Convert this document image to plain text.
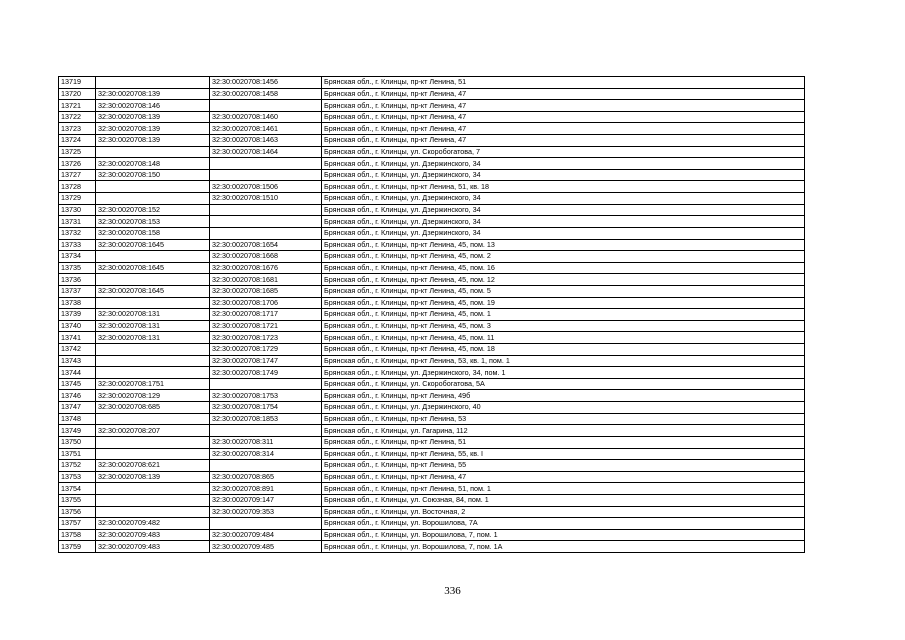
13719		32:30:0020708:1456	Брянская обл., г. Клинцы, пр-кт Ленина, 51
13720	32:30:0020708:139	32:30:0020708:1458	Брянская обл., г. Клинцы, пр-кт Ленина, 47
13721	32:30:0020708:146		Брянская обл., г. Клинцы, пр-кт Ленина, 47
13722	32:30:0020708:139	32:30:0020708:1460	Брянская обл., г. Клинцы, пр-кт Ленина, 47
13723	32:30:0020708:139	32:30:0020708:1461	Брянская обл., г. Клинцы, пр-кт Ленина, 47
13724	32:30:0020708:139	32:30:0020708:1463	Брянская обл., г. Клинцы, пр-кт Ленина, 47
13725		32:30:0020708:1464	Брянская обл., г. Клинцы, ул. Скоробогатова, 7
13726	32:30:0020708:148		Брянская обл., г. Клинцы, ул. Дзержинского, 34
13727	32:30:0020708:150		Брянская обл., г. Клинцы, ул. Дзержинского, 34
13728		32:30:0020708:1506	Брянская обл., г. Клинцы, пр-кт Ленина, 51, кв. 18
13729		32:30:0020708:1510	Брянская обл., г. Клинцы, ул. Дзержинского, 34
13730	32:30:0020708:152		Брянская обл., г. Клинцы, ул. Дзержинского, 34
13731	32:30:0020708:153		Брянская обл., г. Клинцы, ул. Дзержинского, 34
13732	32:30:0020708:158		Брянская обл., г. Клинцы, ул. Дзержинского, 34
13733	32:30:0020708:1645	32:30:0020708:1654	Брянская обл., г. Клинцы, пр-кт Ленина, 45, пом. 13
13734		32:30:0020708:1668	Брянская обл., г. Клинцы, пр-кт Ленина, 45, пом. 2
13735	32:30:0020708:1645	32:30:0020708:1676	Брянская обл., г. Клинцы, пр-кт Ленина, 45, пом. 16
13736		32:30:0020708:1681	Брянская обл., г. Клинцы, пр-кт Ленина, 45, пом. 12
13737	32:30:0020708:1645	32:30:0020708:1685	Брянская обл., г. Клинцы, пр-кт Ленина, 45, пом. 5
13738		32:30:0020708:1706	Брянская обл., г. Клинцы, пр-кт Ленина, 45, пом. 19
13739	32:30:0020708:131	32:30:0020708:1717	Брянская обл., г. Клинцы, пр-кт Ленина, 45, пом. 1
13740	32:30:0020708:131	32:30:0020708:1721	Брянская обл., г. Клинцы, пр-кт Ленина, 45, пом. 3
13741	32:30:0020708:131	32:30:0020708:1723	Брянская обл., г. Клинцы, пр-кт Ленина, 45, пом. 11
13742		32:30:0020708:1729	Брянская обл., г. Клинцы, пр-кт Ленина, 45, пом. 18
13743		32:30:0020708:1747	Брянская обл., г. Клинцы, пр-кт Ленина, 53, кв. 1, пом. 1
13744		32:30:0020708:1749	Брянская обл., г. Клинцы, ул. Дзержинского, 34, пом. 1
13745	32:30:0020708:1751		Брянская обл., г. Клинцы, ул. Скоробогатова, 5А
13746	32:30:0020708:129	32:30:0020708:1753	Брянская обл., г. Клинцы, пр-кт Ленина, 49б
13747	32:30:0020708:685	32:30:0020708:1754	Брянская обл., г. Клинцы, ул. Дзержинского, 40
13748		32:30:0020708:1853	Брянская обл., г. Клинцы, пр-кт Ленина, 53
13749	32:30:0020708:207		Брянская обл., г. Клинцы, ул. Гагарина, 112
13750		32:30:0020708:311	Брянская обл., г. Клинцы, пр-кт Ленина, 51
13751		32:30:0020708:314	Брянская обл., г. Клинцы, пр-кт Ленина, 55, кв. I
13752	32:30:0020708:621		Брянская обл., г. Клинцы, пр-кт Ленина, 55
13753	32:30:0020708:139	32:30:0020708:865	Брянская обл., г. Клинцы, пр-кт Ленина, 47
13754		32:30:0020708:891	Брянская обл., г. Клинцы, пр-кт Ленина, 51, пом. 1
13755		32:30:0020709:147	Брянская обл., г. Клинцы, ул. Союзная, 84, пом. 1
13756		32:30:0020709:353	Брянская обл., г. Клинцы, ул. Восточная, 2
13757	32:30:0020709:482		Брянская обл., г. Клинцы, ул. Ворошилова, 7А
13758	32:30:0020709:483	32:30:0020709:484	Брянская обл., г. Клинцы, ул. Ворошилова, 7, пом. 1
13759	32:30:0020709:483	32:30:0020709:485	Брянская обл., г. Клинцы, ул. Ворошилова, 7, пом. 1А
336
